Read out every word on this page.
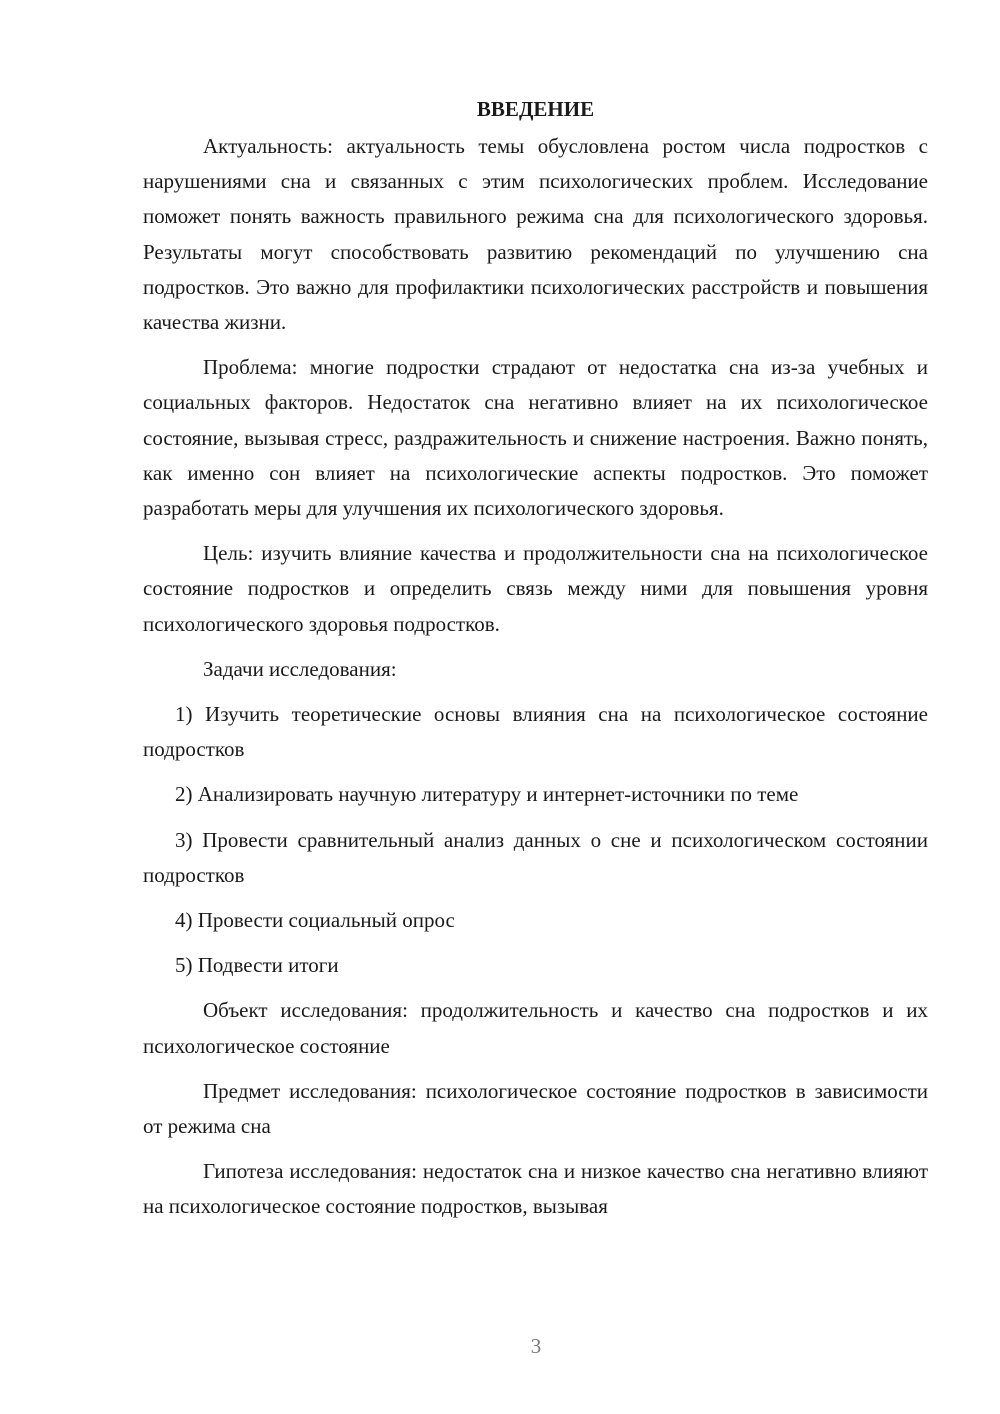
ВВЕДЕНИЕ

Актуальность: актуальность темы обусловлена ростом числа подростков с нарушениями сна и связанных с этим психологических проблем. Исследование поможет понять важность правильного режима сна для психологического здоровья. Результаты могут способствовать развитию рекомендаций по улучшению сна подростков. Это важно для профилактики психологических расстройств и повышения качества жизни.

Проблема: многие подростки страдают от недостатка сна из-за учебных и социальных факторов. Недостаток сна негативно влияет на их психологическое состояние, вызывая стресс, раздражительность и снижение настроения. Важно понять, как именно сон влияет на психологические аспекты подростков. Это поможет разработать меры для улучшения их психологического здоровья.

Цель: изучить влияние качества и продолжительности сна на психологическое состояние подростков и определить связь между ними для повышения уровня психологического здоровья подростков.

Задачи исследования:

1) Изучить теоретические основы влияния сна на психологическое состояние подростков

2) Анализировать научную литературу и интернет-источники по теме

3) Провести сравнительный анализ данных о сне и психологическом состоянии подростков

4) Провести социальный опрос

5) Подвести итоги

Объект исследования: продолжительность и качество сна подростков и их психологическое состояние

Предмет исследования: психологическое состояние подростков в зависимости от режима сна

Гипотеза исследования: недостаток сна и низкое качество сна негативно влияют на психологическое состояние подростков, вызывая

3
